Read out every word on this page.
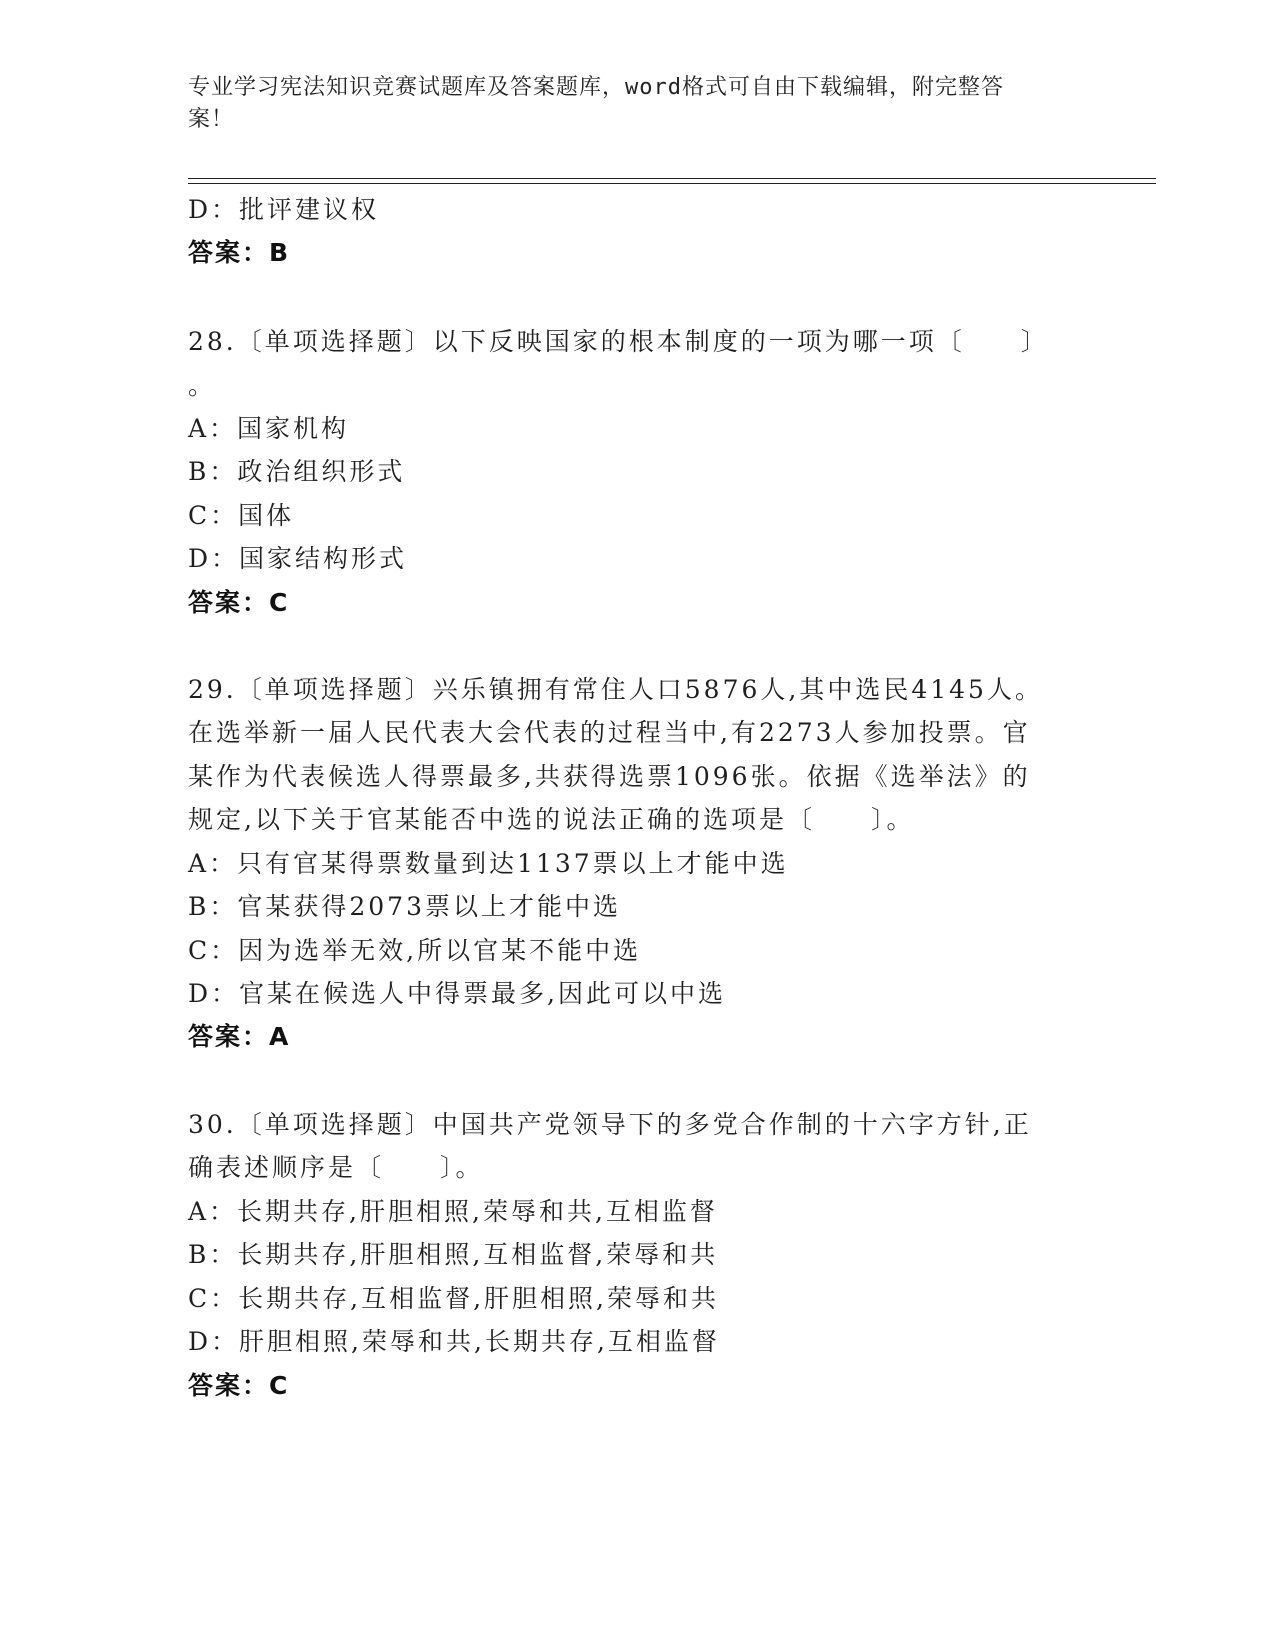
专业学习宪法知识竞赛试题库及答案题库，word格式可自由下载编辑，附完整答
案！
D：批评建议权
答案：B
28.〔单项选择题〕以下反映国家的根本制度的一项为哪一项〔　　〕
。
A：国家机构
B：政治组织形式
C：国体
D：国家结构形式
答案：C
29.〔单项选择题〕兴乐镇拥有常住人口5876人,其中选民4145人。
在选举新一届人民代表大会代表的过程当中,有2273人参加投票。官
某作为代表候选人得票最多,共获得选票1096张。依据《选举法》的
规定,以下关于官某能否中选的说法正确的选项是〔　　〕。
A：只有官某得票数量到达1137票以上才能中选
B：官某获得2073票以上才能中选
C：因为选举无效,所以官某不能中选
D：官某在候选人中得票最多,因此可以中选
答案：A
30.〔单项选择题〕中国共产党领导下的多党合作制的十六字方针,正
确表述顺序是〔　　〕。
A：长期共存,肝胆相照,荣辱和共,互相监督
B：长期共存,肝胆相照,互相监督,荣辱和共
C：长期共存,互相监督,肝胆相照,荣辱和共
D：肝胆相照,荣辱和共,长期共存,互相监督
答案：C
